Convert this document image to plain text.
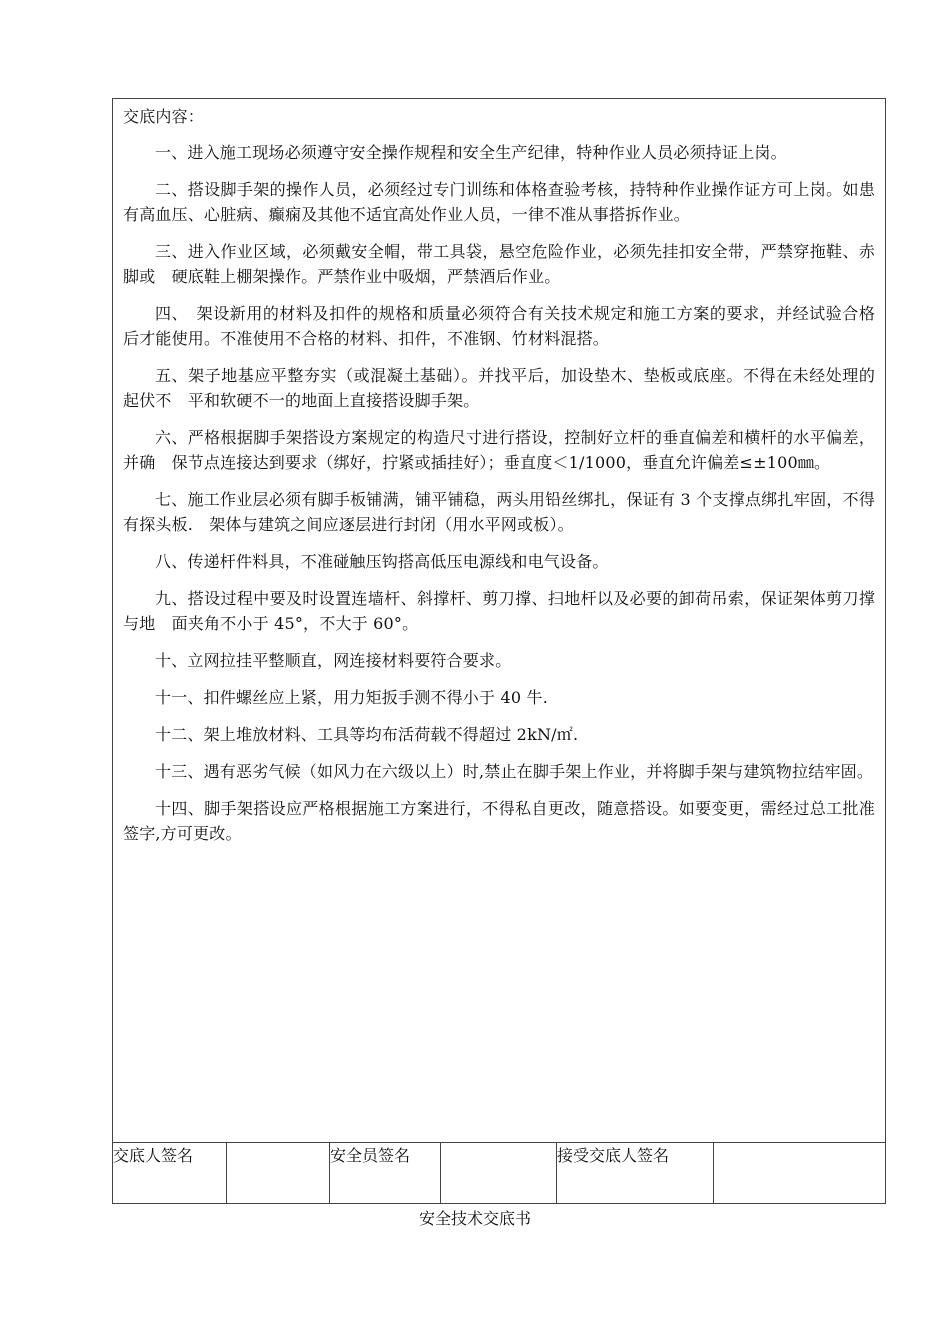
交底内容：

一、进入施工现场必须遵守安全操作规程和安全生产纪律，特种作业人员必须持证上岗。

二、搭设脚手架的操作人员，必须经过专门训练和体格查验考核，持特种作业操作证方可上岗。如患有高血压、心脏病、癫痫及其他不适宜高处作业人员，一律不准从事搭拆作业。

三、进入作业区域，必须戴安全帽，带工具袋，悬空危险作业，必须先挂扣安全带，严禁穿拖鞋、赤脚或　硬底鞋上棚架操作。严禁作业中吸烟，严禁酒后作业。

四、　架设新用的材料及扣件的规格和质量必须符合有关技术规定和施工方案的要求，并经试验合格后才能使用。不准使用不合格的材料、扣件，不准钢、竹材料混搭。

五、架子地基应平整夯实（或混凝土基础）。并找平后，加设垫木、垫板或底座。不得在未经处理的起伏不　平和软硬不一的地面上直接搭设脚手架。

六、严格根据脚手架搭设方案规定的构造尺寸进行搭设，控制好立杆的垂直偏差和横杆的水平偏差，并确　保节点连接达到要求（绑好，拧紧或插挂好）；垂直度＜1/1000，垂直允许偏差≤±100㎜。

七、施工作业层必须有脚手板铺满，铺平铺稳，两头用铅丝绑扎，保证有 3 个支撑点绑扎牢固，不得有探头板.　架体与建筑之间应逐层进行封闭（用水平网或板）。

八、传递杆件料具，不准碰触压钩搭高低压电源线和电气设备。

九、搭设过程中要及时设置连墙杆、斜撑杆、剪刀撑、扫地杆以及必要的卸荷吊索，保证架体剪刀撑与地　面夹角不小于 45°，不大于 60°。

十、立网拉挂平整顺直，网连接材料要符合要求。

十一、扣件螺丝应上紧，用力矩扳手测不得小于 40 牛.

十二、架上堆放材料、工具等均布活荷载不得超过 2kN/㎡.

十三、遇有恶劣气候（如风力在六级以上）时,禁止在脚手架上作业，并将脚手架与建筑物拉结牢固。

十四、脚手架搭设应严格根据施工方案进行，不得私自更改，随意搭设。如要变更，需经过总工批准签字,方可更改。

交底人签名		安全员签名		接受交底人签名	
安全技术交底书
